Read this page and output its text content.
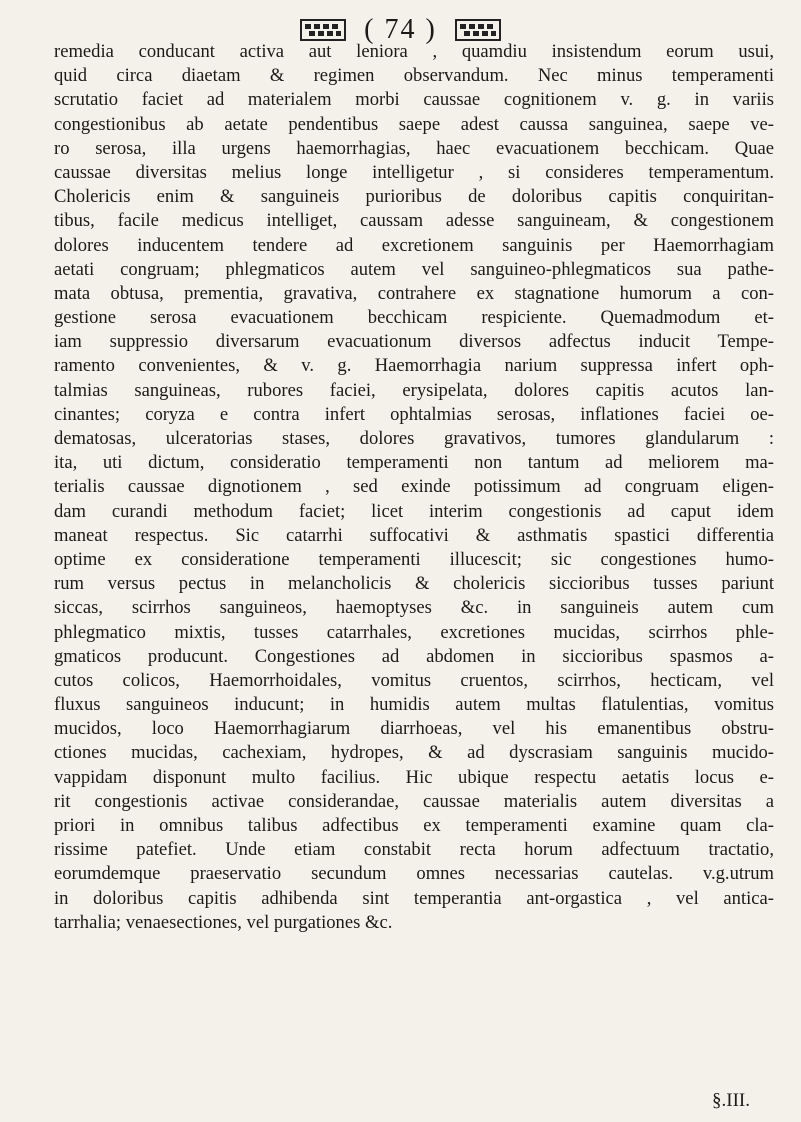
( 74 )
remedia conducant activa aut leniora , quamdiu insistendum eorum usui,
quid circa diaetam & regimen observandum. Nec minus temperamenti
scrutatio faciet ad materialem morbi caussae cognitionem v. g. in variis
congestionibus ab aetate pendentibus saepe adest caussa sanguinea, saepe ve-
ro serosa, illa urgens haemorrhagias, haec evacuationem becchicam. Quae
caussae diversitas melius longe intelligetur , si consideres temperamentum.
Cholericis enim & sanguineis purioribus de doloribus capitis conquiritan-
tibus, facile medicus intelliget, caussam adesse sanguineam, & congestionem
dolores inducentem tendere ad excretionem sanguinis per Haemorrhagiam
aetati congruam; phlegmaticos autem vel sanguineo-phlegmaticos sua pathe-
mata obtusa, prementia, gravativa, contrahere ex stagnatione humorum a con-
gestione serosa evacuationem becchicam respiciente. Quemadmodum et-
iam suppressio diversarum evacuationum diversos adfectus inducit Tempe-
ramento convenientes, & v. g. Haemorrhagia narium suppressa infert oph-
talmias sanguineas, rubores faciei, erysipelata, dolores capitis acutos lan-
cinantes; coryza e contra infert ophtalmias serosas, inflationes faciei oe-
dematosas, ulceratorias stases, dolores gravativos, tumores glandularum :
ita, uti dictum, consideratio temperamenti non tantum ad meliorem ma-
terialis caussae dignotionem , sed exinde potissimum ad congruam eligen-
dam curandi methodum faciet; licet interim congestionis ad caput idem
maneat respectus. Sic catarrhi suffocativi & asthmatis spastici differentia
optime ex consideratione temperamenti illucescit; sic congestiones humo-
rum versus pectus in melancholicis & cholericis siccioribus tusses pariunt
siccas, scirrhos sanguineos, haemoptyses &c. in sanguineis autem cum
phlegmatico mixtis, tusses catarrhales, excretiones mucidas, scirrhos phle-
gmaticos producunt. Congestiones ad abdomen in siccioribus spasmos a-
cutos colicos, Haemorrhoidales, vomitus cruentos, scirrhos, hecticam, vel
fluxus sanguineos inducunt; in humidis autem multas flatulentias, vomitus
mucidos, loco Haemorrhagiarum diarrhoeas, vel his emanentibus obstru-
ctiones mucidas, cachexiam, hydropes, & ad dyscrasiam sanguinis mucido-
vappidam disponunt multo facilius. Hic ubique respectu aetatis locus e-
rit congestionis activae considerandae, caussae materialis autem diversitas a
priori in omnibus talibus adfectibus ex temperamenti examine quam cla-
rissime patefiet. Unde etiam constabit recta horum adfectuum tractatio,
eorumdemque praeservatio secundum omnes necessarias cautelas. v.g.utrum
in doloribus capitis adhibenda sint temperantia ant-orgastica , vel antica-
tarrhalia; venaesectiones, vel purgationes &c.
§.III.
